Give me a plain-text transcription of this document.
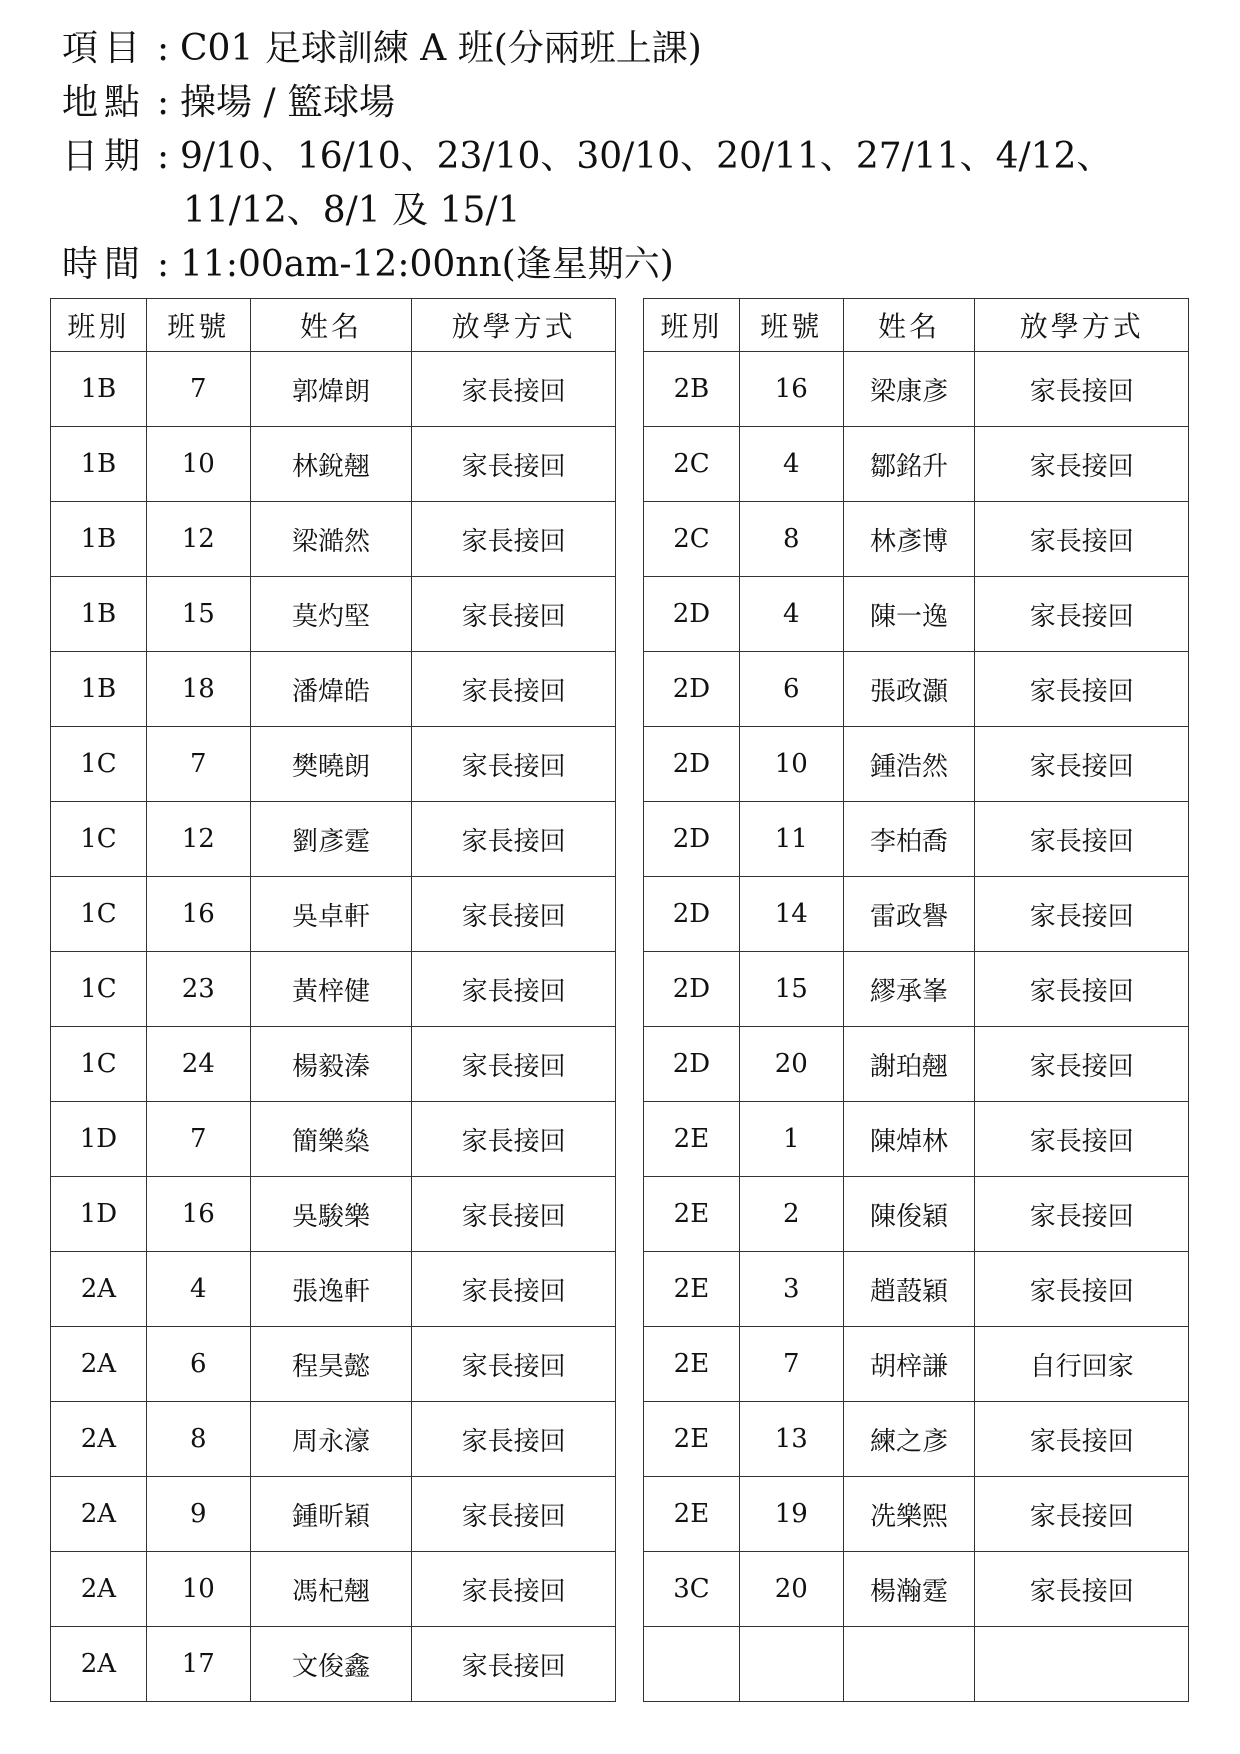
項目 : C01 足球訓練 A 班(分兩班上課)
地點 : 操場 / 籃球場
日期 : 9/10、16/10、23/10、30/10、20/11、27/11、4/12、
11/12、8/1 及 15/1
時間 : 11:00am-12:00nn(逢星期六)
班別	班號	姓名	放學方式
1B	7	郭煒朗	家長接回
1B	10	林銳翹	家長接回
1B	12	梁澔然	家長接回
1B	15	莫灼堅	家長接回
1B	18	潘煒皓	家長接回
1C	7	樊曉朗	家長接回
1C	12	劉彥霆	家長接回
1C	16	吳卓軒	家長接回
1C	23	黃梓健	家長接回
1C	24	楊毅溱	家長接回
1D	7	簡樂燊	家長接回
1D	16	吳駿樂	家長接回
2A	4	張逸軒	家長接回
2A	6	程昊懿	家長接回
2A	8	周永濠	家長接回
2A	9	鍾昕穎	家長接回
2A	10	馮杞翹	家長接回
2A	17	文俊鑫	家長接回
班別	班號	姓名	放學方式
2B	16	梁康彥	家長接回
2C	4	鄒銘升	家長接回
2C	8	林彥博	家長接回
2D	4	陳一逸	家長接回
2D	6	張政灝	家長接回
2D	10	鍾浩然	家長接回
2D	11	李柏喬	家長接回
2D	14	雷政譽	家長接回
2D	15	繆承峯	家長接回
2D	20	謝珀翹	家長接回
2E	1	陳焯林	家長接回
2E	2	陳俊穎	家長接回
2E	3	趙蔎穎	家長接回
2E	7	胡梓謙	自行回家
2E	13	練之彥	家長接回
2E	19	冼樂熙	家長接回
3C	20	楊瀚霆	家長接回
